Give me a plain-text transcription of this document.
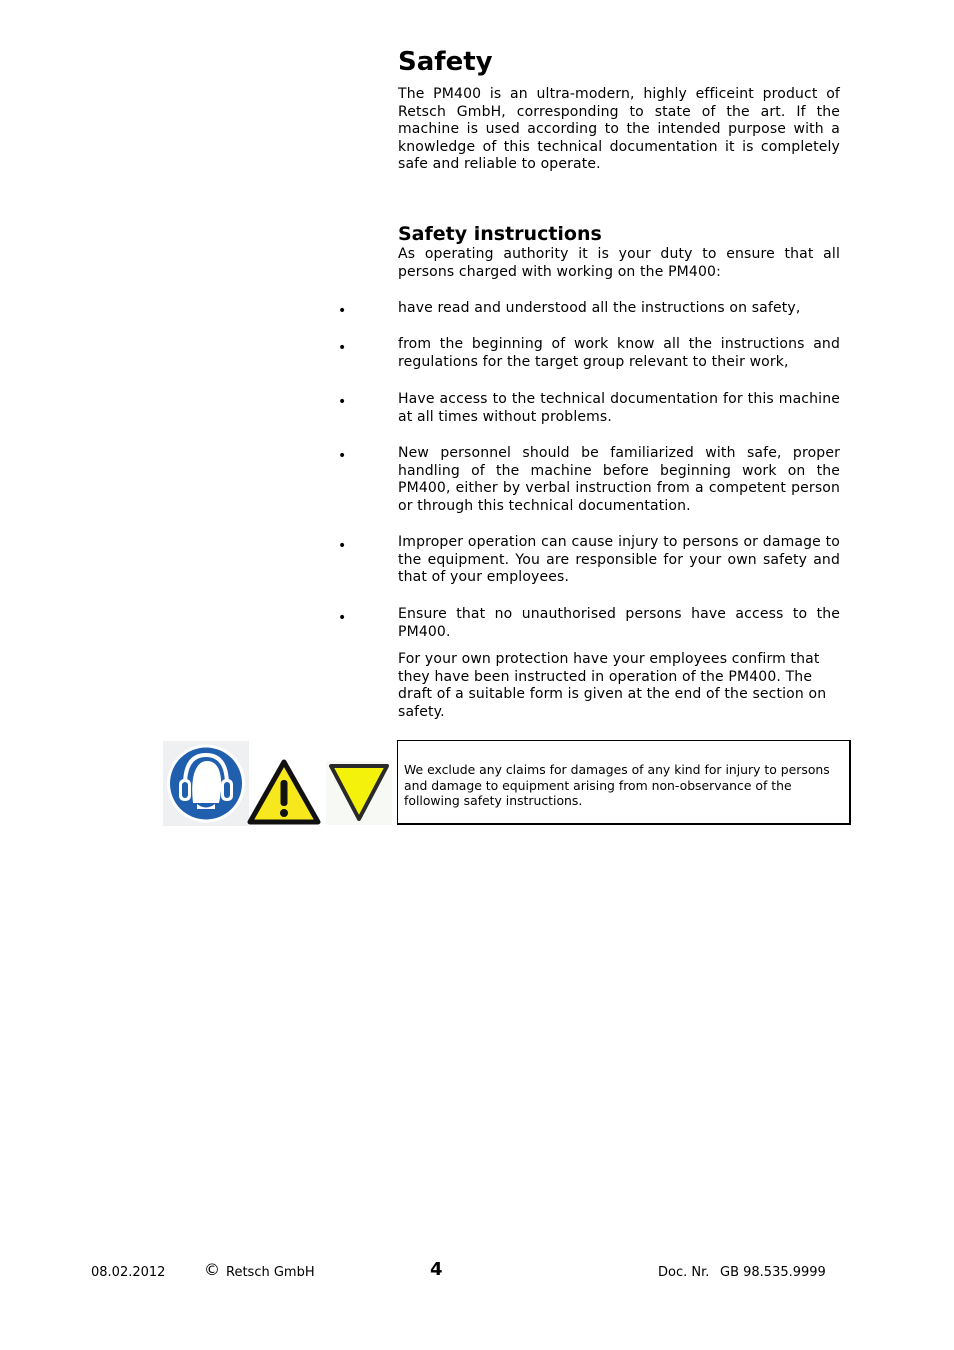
Safety

The PM400 is an ultra-modern, highly efficeint product of Retsch GmbH, corresponding to state of the art. If the machine is used according to the intended purpose with a knowledge of this technical documentation it is completely safe and reliable to operate.

Safety instructions

As operating authority it is your duty to ensure that all persons charged with working on the PM400:

•	have read and understood all the instructions on safety,

•	from the beginning of work know all the instructions and regulations for the target group relevant to their work,

•	Have access to the technical documentation for this machine at all times without problems.

•	New personnel should be familiarized with safe, proper handling of the machine before beginning work on the PM400, either by verbal instruction from a competent person or through this technical documentation.

•	Improper operation can cause injury to persons or damage to the equipment. You are responsible for your own safety and that of your employees.

•	Ensure that no unauthorised persons have access to the PM400.

For your own protection have your employees confirm that they have been instructed in operation of the PM400. The draft of a suitable form is given at the end of the section on safety.

We exclude any claims for damages of any kind for injury to persons and damage to equipment arising from non-observance of the following safety instructions.

08.02.2012 © Retsch GmbH	4	Doc. Nr. GB 98.535.9999
